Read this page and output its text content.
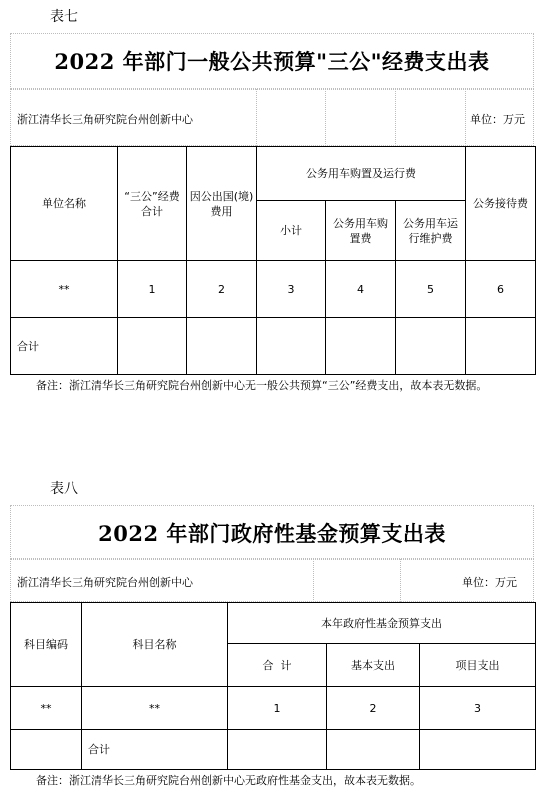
表七
2022 年部门一般公共预算"三公"经费支出表
浙江清华长三角研究院台州创新中心	单位：万元
单位名称	“三公”经费合计	因公出国(境)费用	公务用车购置及运行费			公务接待费
			小计	公务用车购置费	公务用车运行维护费	
**	1	2	3	4	5	6
合计						
备注：浙江清华长三角研究院台州创新中心无一般公共预算“三公”经费支出，故本表无数据。
表八
2022 年部门政府性基金预算支出表
浙江清华长三角研究院台州创新中心	单位：万元
科目编码	科目名称	本年政府性基金预算支出		
		合  计	基本支出	项目支出
**	**	1	2	3
	合计			
备注：浙江清华长三角研究院台州创新中心无政府性基金支出，故本表无数据。
